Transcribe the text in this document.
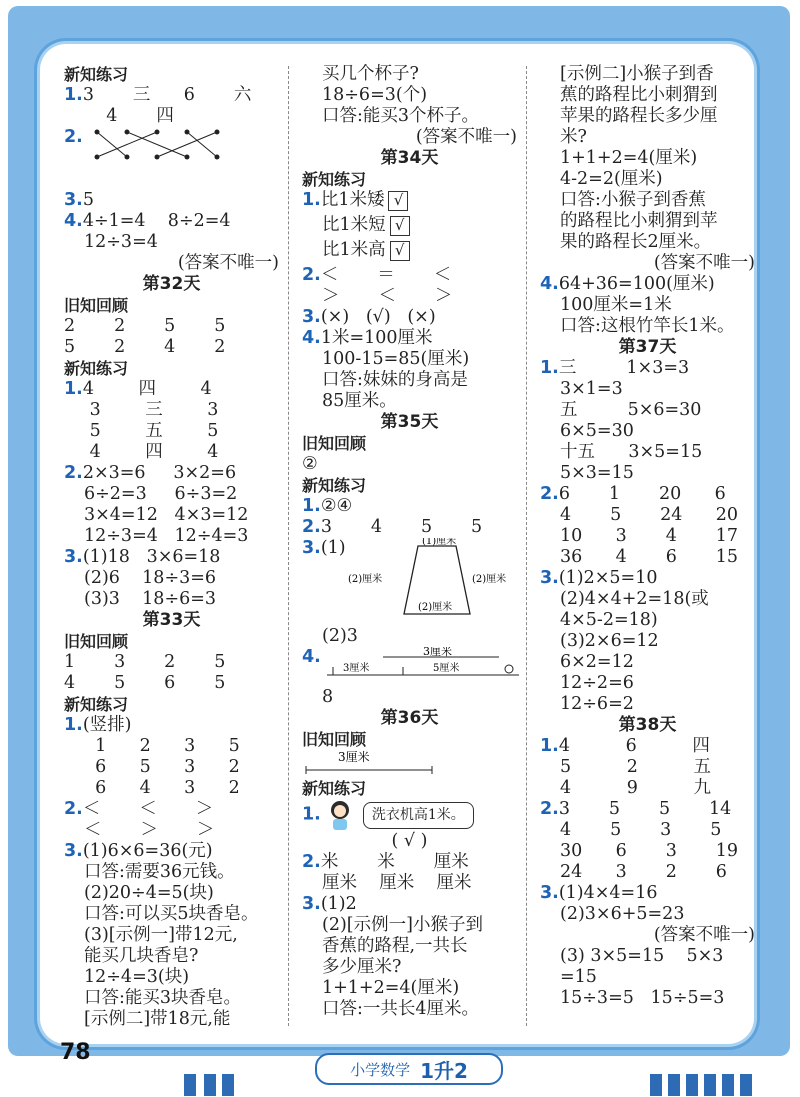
新知练习
1.3       三      6       六
4       四
2.
3.5
4.4÷1=4    8÷2=4
12÷3=4
(答案不唯一)
第32天
旧知回顾
2       2       5       5
5       2       4       2
新知练习
1.4        四        4
3        三        3
5        五        5
4        四        4
2.2×3=6     3×2=6
6÷2=3     6÷3=2
3×4=12   4×3=12
12÷3=4   12÷4=3
3.(1)18   3×6=18
(2)6    18÷3=6
(3)3    18÷6=3
第33天
旧知回顾
1       3       2       5
4       5       6       5
新知练习
1.(竖排)
1      2      3      5
6      5      3      2
6      4      3      2
2.＜       ＜       ＞
＜       ＞       ＞
3.(1)6×6=36(元)
口答:需要36元钱。
(2)20÷4=5(块)
口答:可以买5块香皂。
(3)[示例一]带12元,
能买几块香皂?
12÷4=3(块)
口答:能买3块香皂。
[示例二]带18元,能
买几个杯子?
18÷6=3(个)
口答:能买3个杯子。
(答案不唯一)
第34天
新知练习
1.比1米矮 √
比1米短 √
比1米高 √
2.＜       ＝       ＜
＞       ＜       ＞
3.(×)   (√)   (×)
4.1米=100厘米
100-15=85(厘米)
口答:妹妹的身高是
85厘米。
第35天
旧知回顾
②
新知练习
1.②④
2.3       4       5       5
3.(1)	(1)厘米
(2)厘米	(2)厘米
(2)厘米
(2)3
4.	3厘米
3厘米	5厘米
8
第36天
旧知回顾
3厘米
新知练习
1.	洗衣机高1米。
( √ )
2.米       米       厘米
厘米    厘米    厘米
3.(1)2
(2)[示例一]小猴子到
香蕉的路程,一共长
多少厘米?
1+1+2=4(厘米)
口答:一共长4厘米。
[示例二]小猴子到香
蕉的路程比小刺猬到
苹果的路程长多少厘
米?
1+1+2=4(厘米)
4-2=2(厘米)
口答:小猴子到香蕉
的路程比小刺猬到苹
果的路程长2厘米。
(答案不唯一)
4.64+36=100(厘米)
100厘米=1米
口答:这根竹竿长1米。
第37天
1.三         1×3=3
3×1=3
五         5×6=30
6×5=30
十五      3×5=15
5×3=15
2.6       1       20      6
4       5       24      20
10      3       4       17
36      4       6       15
3.(1)2×5=10
(2)4×4+2=18(或
4×5-2=18)
(3)2×6=12
6×2=12
12÷2=6
12÷6=2
第38天
1.4          6          四
5          2          五
4          9          九
2.3       5       5       14
4       5       3       5
30      6       3       19
24      3       2       6
3.(1)4×4=16
(2)3×6+5=23
(答案不唯一)
(3) 3×5=15    5×3
=15
15÷3=5   15÷5=3
78
小学数学 1升2
